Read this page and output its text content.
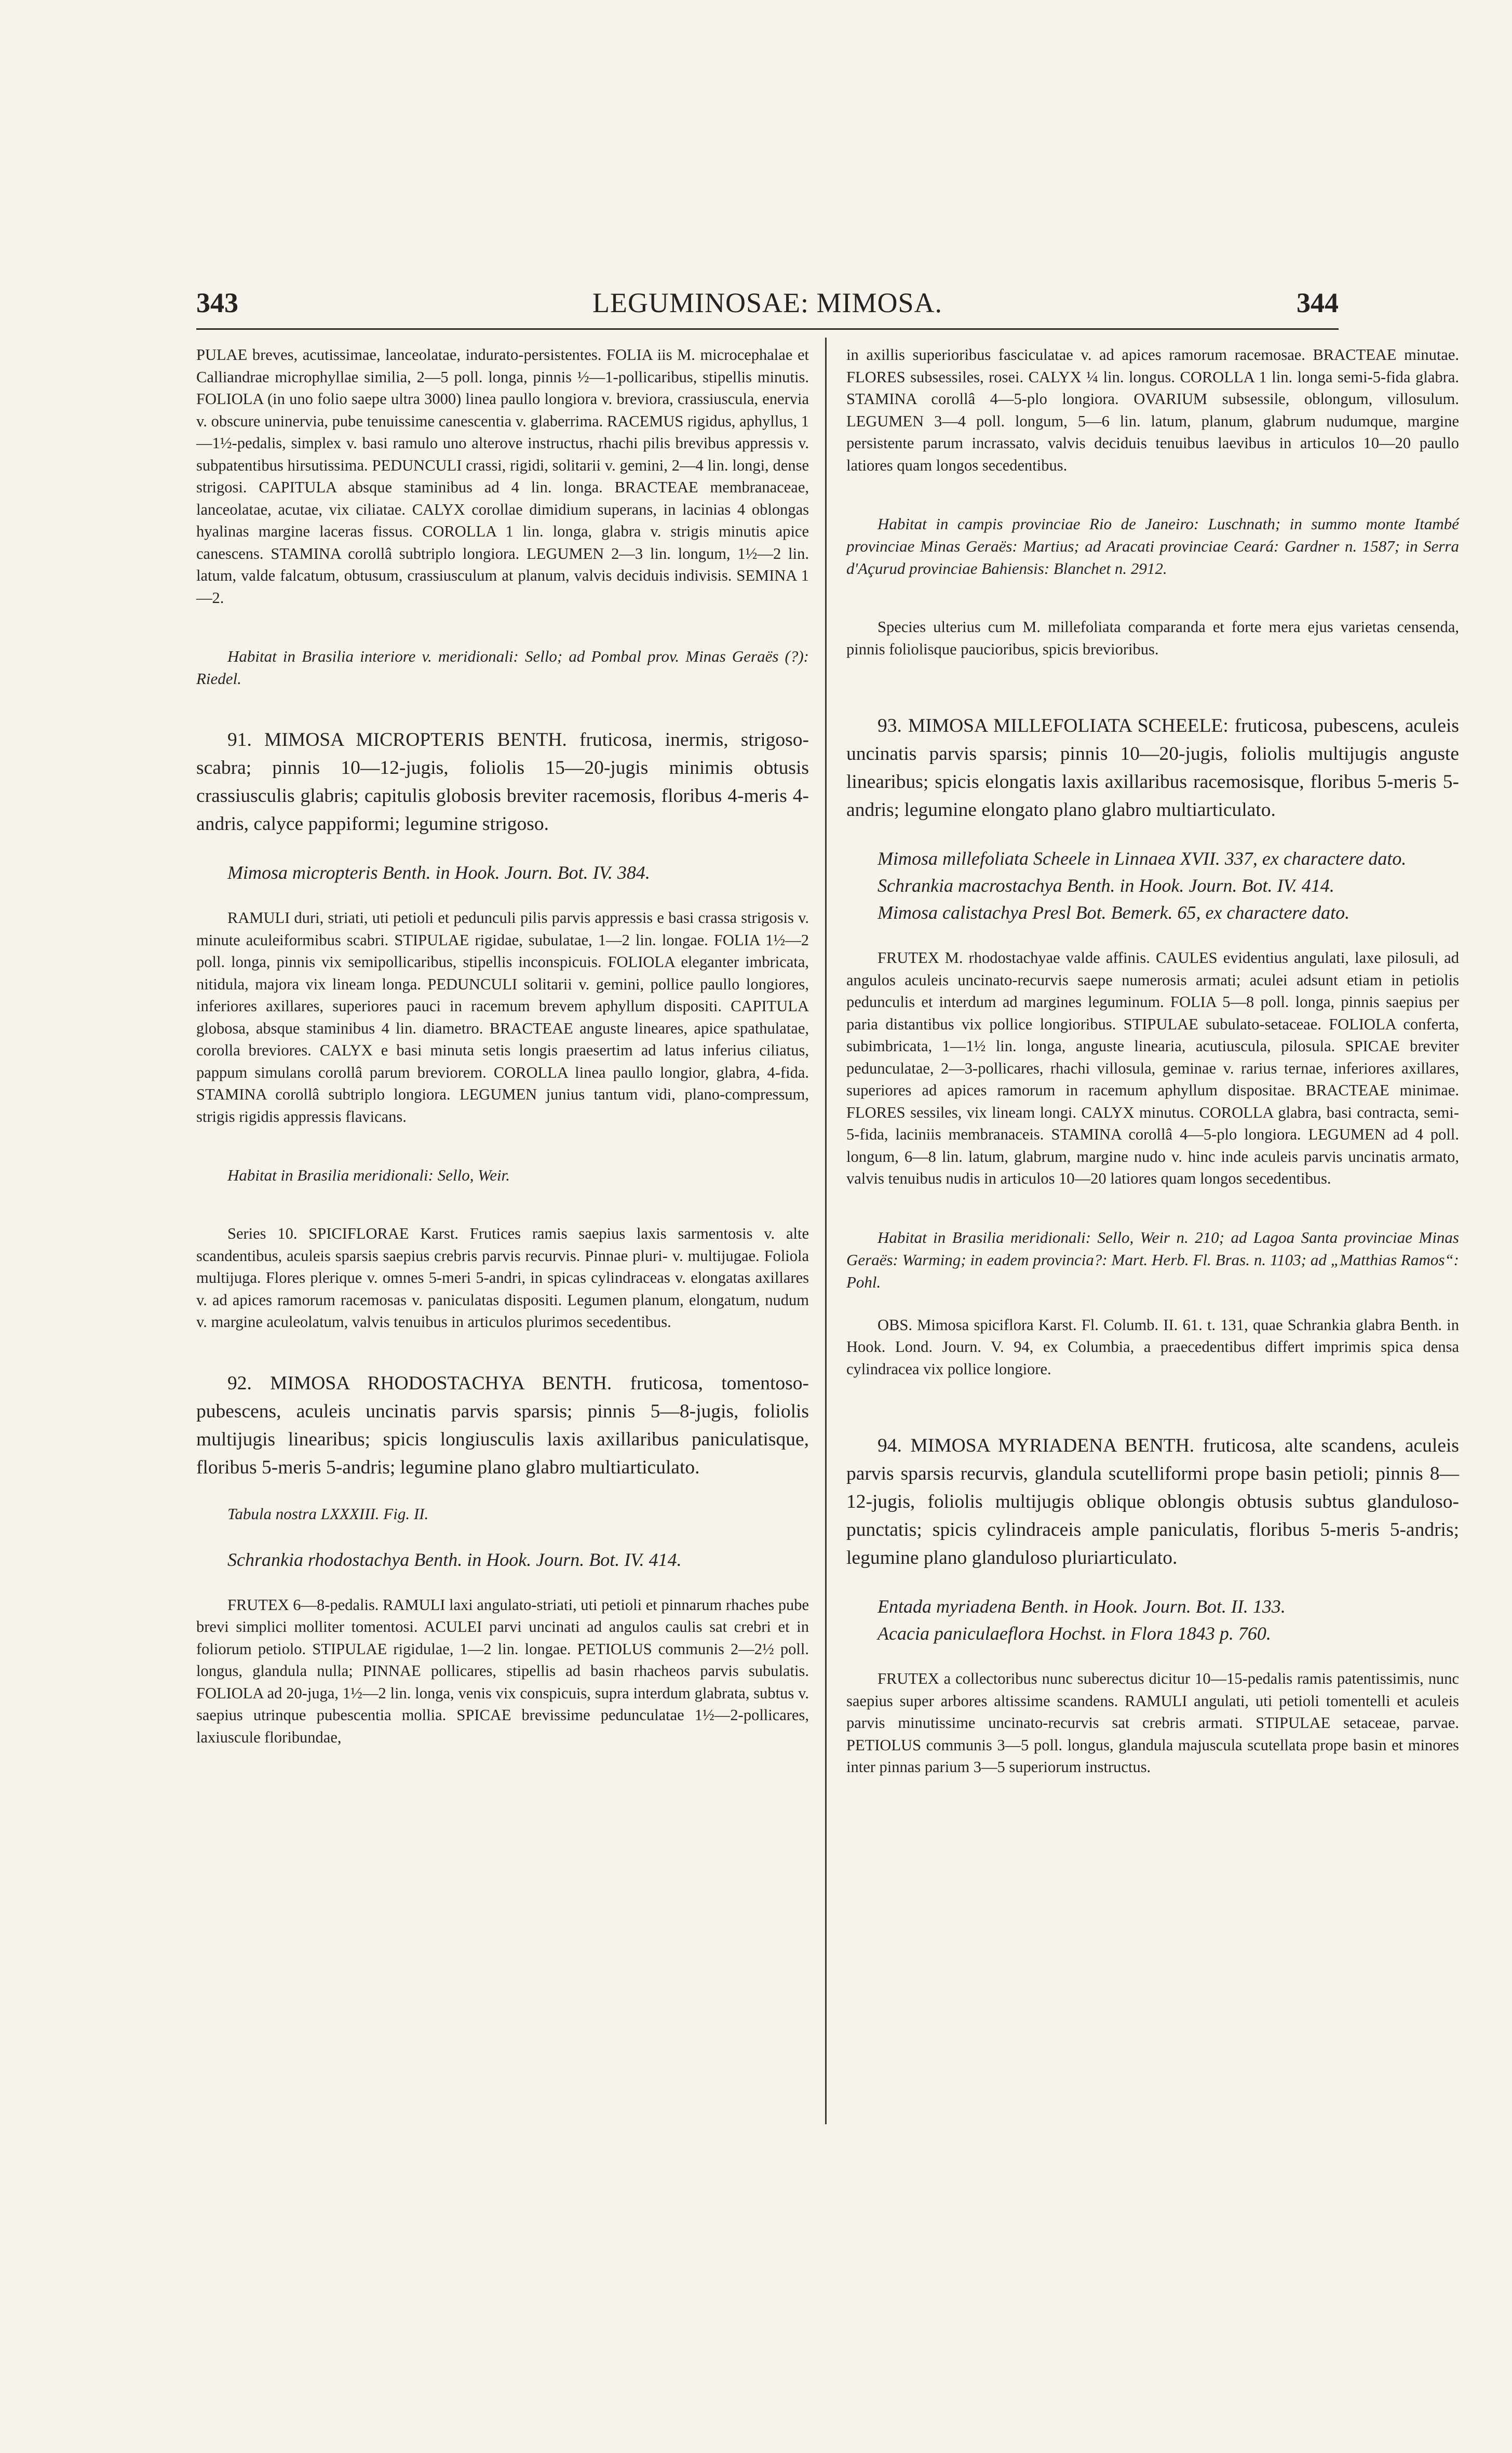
343	LEGUMINOSAE: MIMOSA.	344

PULAE breves, acutissimae, lanceolatae, indurato-persistentes. FOLIA iis M. microcephalae et Calliandrae microphyllae similia, 2—5 poll. longa, pinnis ½—1-pollicaribus, stipellis minutis. FOLIOLA (in uno folio saepe ultra 3000) linea paullo longiora v. breviora, crassiuscula, enervia v. obscure uninervia, pube tenuissime canescentia v. glaberrima. RACEMUS rigidus, aphyllus, 1—1½-pedalis, simplex v. basi ramulo uno alterove instructus, rhachi pilis brevibus appressis v. subpatentibus hirsutissima. PEDUNCULI crassi, rigidi, solitarii v. gemini, 2—4 lin. longi, dense strigosi. CAPITULA absque staminibus ad 4 lin. longa. BRACTEAE membranaceae, lanceolatae, acutae, vix ciliatae. CALYX corollae dimidium superans, in lacinias 4 oblongas hyalinas margine laceras fissus. COROLLA 1 lin. longa, glabra v. strigis minutis apice canescens. STAMINA corollâ subtriplo longiora. LEGUMEN 2—3 lin. longum, 1½—2 lin. latum, valde falcatum, obtusum, crassiusculum at planum, valvis deciduis indivisis. SEMINA 1—2.

Habitat in Brasilia interiore v. meridionali: Sello; ad Pombal prov. Minas Geraës (?): Riedel.

91. MIMOSA MICROPTERIS BENTH. fruticosa, inermis, strigoso-scabra; pinnis 10—12-jugis, foliolis 15—20-jugis minimis obtusis crassiusculis glabris; capitulis globosis breviter racemosis, floribus 4-meris 4-andris, calyce pappiformi; legumine strigoso.

Mimosa micropteris Benth. in Hook. Journ. Bot. IV. 384.

RAMULI duri, striati, uti petioli et pedunculi pilis parvis appressis e basi crassa strigosis v. minute aculeiformibus scabri. STIPULAE rigidae, subulatae, 1—2 lin. longae. FOLIA 1½—2 poll. longa, pinnis vix semipollicaribus, stipellis inconspicuis. FOLIOLA eleganter imbricata, nitidula, majora vix lineam longa. PEDUNCULI solitarii v. gemini, pollice paullo longiores, inferiores axillares, superiores pauci in racemum brevem aphyllum dispositi. CAPITULA globosa, absque staminibus 4 lin. diametro. BRACTEAE anguste lineares, apice spathulatae, corolla breviores. CALYX e basi minuta setis longis praesertim ad latus inferius ciliatus, pappum simulans corollâ parum breviorem. COROLLA linea paullo longior, glabra, 4-fida. STAMINA corollâ subtriplo longiora. LEGUMEN junius tantum vidi, plano-compressum, strigis rigidis appressis flavicans.

Habitat in Brasilia meridionali: Sello, Weir.

Series 10. SPICIFLORAE Karst. Frutices ramis saepius laxis sarmentosis v. alte scandentibus, aculeis sparsis saepius crebris parvis recurvis. Pinnae pluri- v. multijugae. Foliola multijuga. Flores plerique v. omnes 5-meri 5-andri, in spicas cylindraceas v. elongatas axillares v. ad apices ramorum racemosas v. paniculatas dispositi. Legumen planum, elongatum, nudum v. margine aculeolatum, valvis tenuibus in articulos plurimos secedentibus.

92. MIMOSA RHODOSTACHYA BENTH. fruticosa, tomentoso-pubescens, aculeis uncinatis parvis sparsis; pinnis 5—8-jugis, foliolis multijugis linearibus; spicis longiusculis laxis axillaribus paniculatisque, floribus 5-meris 5-andris; legumine plano glabro multiarticulato.

Tabula nostra LXXXIII. Fig. II.

Schrankia rhodostachya Benth. in Hook. Journ. Bot. IV. 414.

FRUTEX 6—8-pedalis. RAMULI laxi angulato-striati, uti petioli et pinnarum rhaches pube brevi simplici molliter tomentosi. ACULEI parvi uncinati ad angulos caulis sat crebri et in foliorum petiolo. STIPULAE rigidulae, 1—2 lin. longae. PETIOLUS communis 2—2½ poll. longus, glandula nulla; PINNAE pollicares, stipellis ad basin rhacheos parvis subulatis. FOLIOLA ad 20-juga, 1½—2 lin. longa, venis vix conspicuis, supra interdum glabrata, subtus v. saepius utrinque pubescentia mollia. SPICAE brevissime pedunculatae 1½—2-pollicares, laxiuscule floribundae,

in axillis superioribus fasciculatae v. ad apices ramorum racemosae. BRACTEAE minutae. FLORES subsessiles, rosei. CALYX ¼ lin. longus. COROLLA 1 lin. longa semi-5-fida glabra. STAMINA corollâ 4—5-plo longiora. OVARIUM subsessile, oblongum, villosulum. LEGUMEN 3—4 poll. longum, 5—6 lin. latum, planum, glabrum nudumque, margine persistente parum incrassato, valvis deciduis tenuibus laevibus in articulos 10—20 paullo latiores quam longos secedentibus.

Habitat in campis provinciae Rio de Janeiro: Luschnath; in summo monte Itambé provinciae Minas Geraës: Martius; ad Aracati provinciae Ceará: Gardner n. 1587; in Serra d'Açurud provinciae Bahiensis: Blanchet n. 2912.

Species ulterius cum M. millefoliata comparanda et forte mera ejus varietas censenda, pinnis foliolisque paucioribus, spicis brevioribus.

93. MIMOSA MILLEFOLIATA SCHEELE: fruticosa, pubescens, aculeis uncinatis parvis sparsis; pinnis 10—20-jugis, foliolis multijugis anguste linearibus; spicis elongatis laxis axillaribus racemosisque, floribus 5-meris 5-andris; legumine elongato plano glabro multiarticulato.

Mimosa millefoliata Scheele in Linnaea XVII. 337, ex charactere dato.

Schrankia macrostachya Benth. in Hook. Journ. Bot. IV. 414.

Mimosa calistachya Presl Bot. Bemerk. 65, ex charactere dato.

FRUTEX M. rhodostachyae valde affinis. CAULES evidentius angulati, laxe pilosuli, ad angulos aculeis uncinato-recurvis saepe numerosis armati; aculei adsunt etiam in petiolis pedunculis et interdum ad margines leguminum. FOLIA 5—8 poll. longa, pinnis saepius per paria distantibus vix pollice longioribus. STIPULAE subulato-setaceae. FOLIOLA conferta, subimbricata, 1—1½ lin. longa, anguste linearia, acutiuscula, pilosula. SPICAE breviter pedunculatae, 2—3-pollicares, rhachi villosula, geminae v. rarius ternae, inferiores axillares, superiores ad apices ramorum in racemum aphyllum dispositae. BRACTEAE minimae. FLORES sessiles, vix lineam longi. CALYX minutus. COROLLA glabra, basi contracta, semi-5-fida, laciniis membranaceis. STAMINA corollâ 4—5-plo longiora. LEGUMEN ad 4 poll. longum, 6—8 lin. latum, glabrum, margine nudo v. hinc inde aculeis parvis uncinatis armato, valvis tenuibus nudis in articulos 10—20 latiores quam longos secedentibus.

Habitat in Brasilia meridionali: Sello, Weir n. 210; ad Lagoa Santa provinciae Minas Geraës: Warming; in eadem provincia?: Mart. Herb. Fl. Bras. n. 1103; ad „Matthias Ramos“: Pohl.

OBS. Mimosa spiciflora Karst. Fl. Columb. II. 61. t. 131, quae Schrankia glabra Benth. in Hook. Lond. Journ. V. 94, ex Columbia, a praecedentibus differt imprimis spica densa cylindracea vix pollice longiore.

94. MIMOSA MYRIADENA BENTH. fruticosa, alte scandens, aculeis parvis sparsis recurvis, glandula scutelliformi prope basin petioli; pinnis 8—12-jugis, foliolis multijugis oblique oblongis obtusis subtus glanduloso-punctatis; spicis cylindraceis ample paniculatis, floribus 5-meris 5-andris; legumine plano glanduloso pluriarticulato.

Entada myriadena Benth. in Hook. Journ. Bot. II. 133.

Acacia paniculaeflora Hochst. in Flora 1843 p. 760.

FRUTEX a collectoribus nunc suberectus dicitur 10—15-pedalis ramis patentissimis, nunc saepius super arbores altissime scandens. RAMULI angulati, uti petioli tomentelli et aculeis parvis minutissime uncinato-recurvis sat crebris armati. STIPULAE setaceae, parvae. PETIOLUS communis 3—5 poll. longus, glandula majuscula scutellata prope basin et minores inter pinnas parium 3—5 superiorum instructus.
